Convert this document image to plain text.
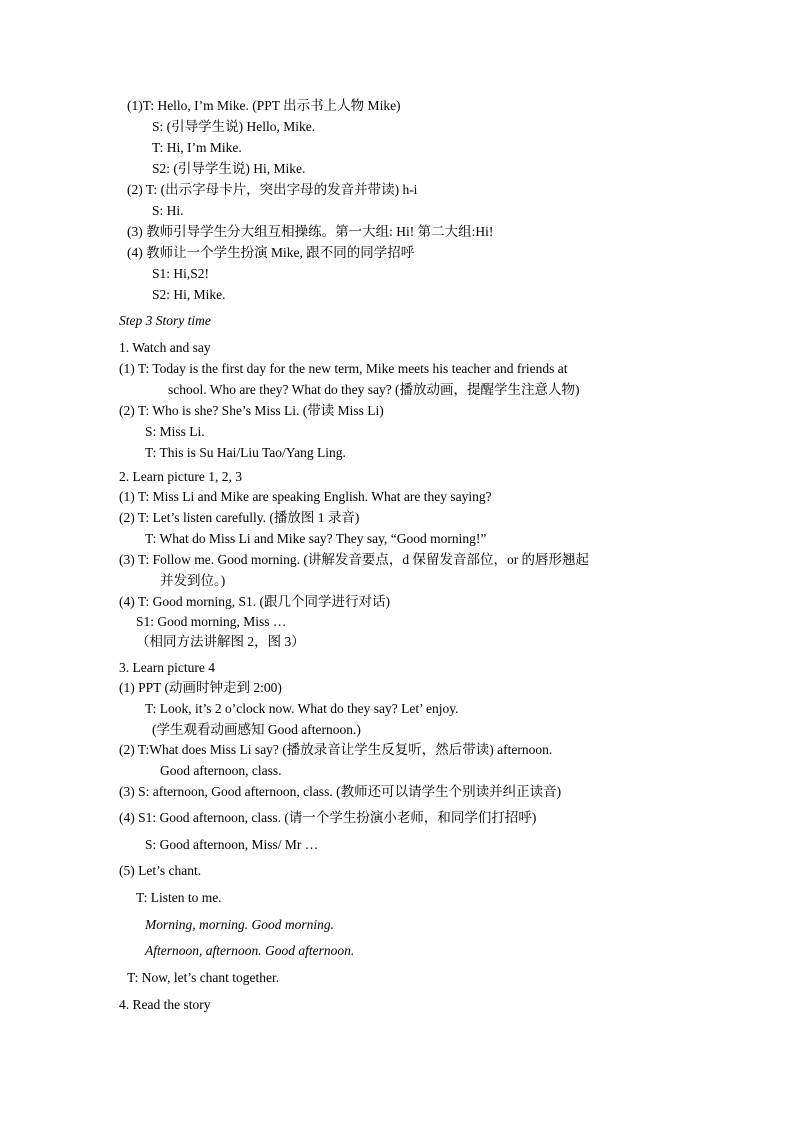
(1)T: Hello, I’m Mike. (PPT 出示书上人物 Mike)
S: (引导学生说) Hello, Mike.
T: Hi, I’m Mike.
S2: (引导学生说) Hi, Mike.
(2) T: (出示字母卡片，突出字母的发音并带读) h-i
S: Hi.
(3) 教师引导学生分大组互相操练。第一大组: Hi! 第二大组:Hi!
(4) 教师让一个学生扮演 Mike, 跟不同的同学招呼
S1: Hi,S2!
S2: Hi, Mike.
Step 3 Story time
1. Watch and say
(1) T: Today is the first day for the new term, Mike meets his teacher and friends at
school. Who are they? What do they say? (播放动画，提醒学生注意人物)
(2) T: Who is she? She’s Miss Li. (带读 Miss Li)
S: Miss Li.
T: This is Su Hai/Liu Tao/Yang Ling.
2. Learn picture 1, 2, 3
(1) T: Miss Li and Mike are speaking English. What are they saying?
(2) T: Let’s listen carefully. (播放图 1 录音)
T: What do Miss Li and Mike say? They say, “Good morning!”
(3) T: Follow me. Good morning. (讲解发音要点，d 保留发音部位，or 的唇形翘起
并发到位。)
(4) T: Good morning, S1. (跟几个同学进行对话)
S1: Good morning, Miss …
（相同方法讲解图 2，图 3）
3. Learn picture 4
(1) PPT (动画时钟走到 2:00)
T: Look, it’s 2 o’clock now. What do they say? Let’ enjoy.
(学生观看动画感知 Good afternoon.)
(2) T:What does Miss Li say? (播放录音让学生反复听，然后带读) afternoon.
Good afternoon, class.
(3) S: afternoon, Good afternoon, class. (教师还可以请学生个别读并纠正读音)
(4) S1: Good afternoon, class. (请一个学生扮演小老师，和同学们打招呼)
S: Good afternoon, Miss/ Mr …
(5) Let’s chant.
T: Listen to me.
Morning, morning. Good morning.
Afternoon, afternoon. Good afternoon.
T: Now, let’s chant together.
4. Read the story
